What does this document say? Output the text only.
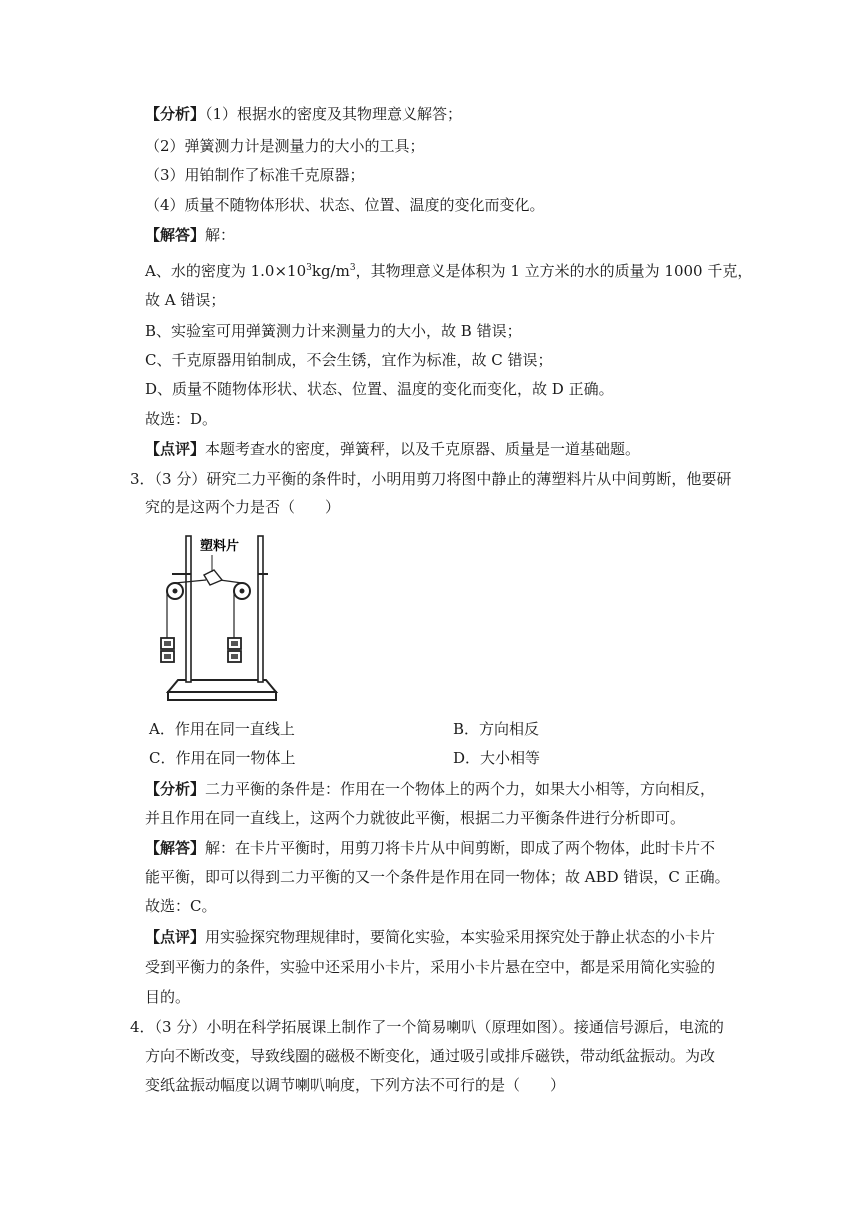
【分析】（1）根据水的密度及其物理意义解答；
（2）弹簧测力计是测量力的大小的工具；
（3）用铂制作了标准千克原器；
（4）质量不随物体形状、状态、位置、温度的变化而变化。
【解答】解：
A、水的密度为 $1.0\times 10^3kg/m^3$，其物理意义是体积为 1 立方米的水的质量为 1000 千克，
故 A 错误；
B、实验室可用弹簧测力计来测量力的大小，故 B 错误；
C、千克原器用铂制成，不会生锈，宜作为标准，故 C 错误；
D、质量不随物体形状、状态、位置、温度的变化而变化，故 D 正确。
故选：D。
【点评】本题考查水的密度，弹簧秤，以及千克原器、质量是一道基础题。
3．（3 分）研究二力平衡的条件时，小明用剪刀将图中静止的薄塑料片从中间剪断，他要研
究的是这两个力是否（　　）
塑料片
A．作用在同一直线上	B．方向相反
C．作用在同一物体上	D．大小相等
【分析】二力平衡的条件是：作用在一个物体上的两个力，如果大小相等，方向相反，
并且作用在同一直线上，这两个力就彼此平衡，根据二力平衡条件进行分析即可。
【解答】解：在卡片平衡时，用剪刀将卡片从中间剪断，即成了两个物体，此时卡片不
能平衡，即可以得到二力平衡的又一个条件是作用在同一物体；故 ABD 错误，C 正确。
故选：C。
【点评】用实验探究物理规律时，要简化实验，本实验采用探究处于静止状态的小卡片
受到平衡力的条件，实验中还采用小卡片，采用小卡片悬在空中，都是采用简化实验的
目的。
4．（3 分）小明在科学拓展课上制作了一个简易喇叭（原理如图）。接通信号源后，电流的
方向不断改变，导致线圈的磁极不断变化，通过吸引或排斥磁铁，带动纸盆振动。为改
变纸盆振动幅度以调节喇叭响度，下列方法不可行的是（　　）
